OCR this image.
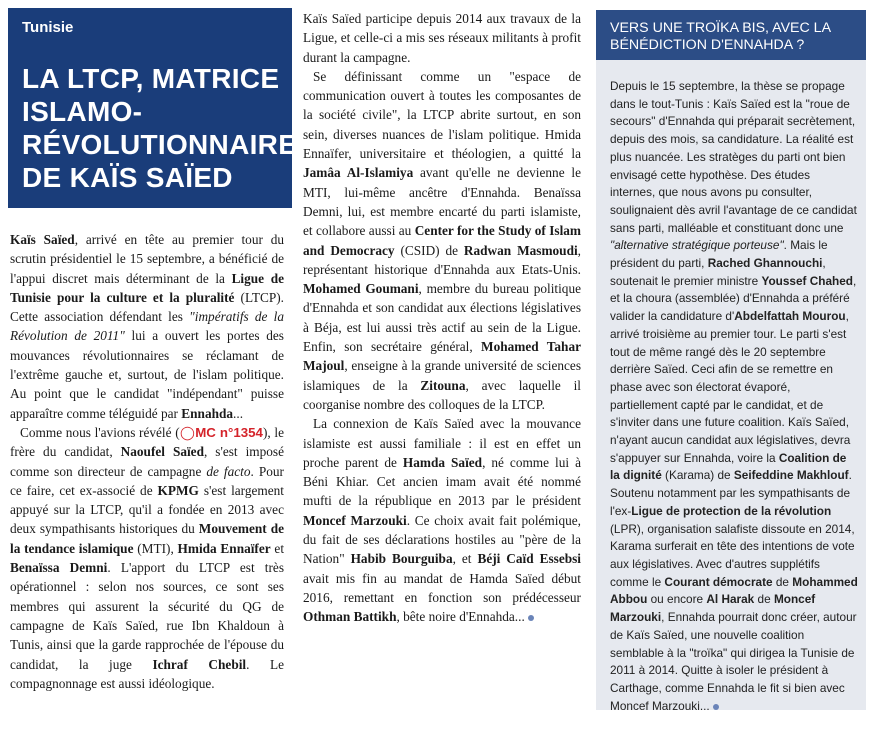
Tunisie
LA LTCP, MATRICE ISLAMO-RÉVOLUTIONNAIRE DE KAÏS SAÏED

Kaïs Saïed, arrivé en tête au premier tour du scrutin présidentiel le 15 septembre, a bénéficié de l'appui discret mais déterminant de la Ligue de Tunisie pour la culture et la pluralité (LTCP). Cette association défendant les "impératifs de la Révolution de 2011" lui a ouvert les portes des mouvances révolutionnaires se réclamant de l'extrême gauche et, surtout, de l'islam politique. Au point que le candidat "indépendant" puisse apparaître comme téléguidé par Ennahda...

Comme nous l'avions révélé (◯MC n°1354), le frère du candidat, Naoufel Saïed, s'est imposé comme son directeur de campagne de facto. Pour ce faire, cet ex-associé de KPMG s'est largement appuyé sur la LTCP, qu'il a fondée en 2013 avec deux sympathisants historiques du Mouvement de la tendance islamique (MTI), Hmida Ennaïfer et Benaïssa Demni. L'apport du LTCP est très opérationnel : selon nos sources, ce sont ses membres qui assurent la sécurité du QG de campagne de Kaïs Saïed, rue Ibn Khaldoun à Tunis, ainsi que la garde rapprochée de l'épouse du candidat, la juge Ichraf Chebil. Le compagnonnage est aussi idéologique.

Kaïs Saïed participe depuis 2014 aux travaux de la Ligue, et celle-ci a mis ses réseaux militants à profit durant la campagne.

Se définissant comme un "espace de communication ouvert à toutes les composantes de la société civile", la LTCP abrite surtout, en son sein, diverses nuances de l'islam politique. Hmida Ennaïfer, universitaire et théologien, a quitté la Jamâa Al-Islamiya avant qu'elle ne devienne le MTI, lui-même ancêtre d'Ennahda. Benaïssa Demni, lui, est membre encarté du parti islamiste, et collabore aussi au Center for the Study of Islam and Democracy (CSID) de Radwan Masmoudi, représentant historique d'Ennahda aux Etats-Unis. Mohamed Goumani, membre du bureau politique d'Ennahda et son candidat aux élections législatives à Béja, est lui aussi très actif au sein de la Ligue. Enfin, son secrétaire général, Mohamed Tahar Majoul, enseigne à la grande université de sciences islamiques de la Zitouna, avec laquelle il coorganise nombre des colloques de la LTCP.

La connexion de Kaïs Saïed avec la mouvance islamiste est aussi familiale : il est en effet un proche parent de Hamda Saïed, né comme lui à Béni Khiar. Cet ancien imam avait été nommé mufti de la république en 2013 par le président Moncef Marzouki. Ce choix avait fait polémique, du fait de ses déclarations hostiles au "père de la Nation" Habib Bourguiba, et Béji Caïd Essebsi avait mis fin au mandat de Hamda Saïed début 2016, remettant en fonction son prédécesseur Othman Battikh, bête noire d'Ennahda...

VERS UNE TROÏKA BIS, AVEC LA BÉNÉDICTION D'ENNAHDA ?

Depuis le 15 septembre, la thèse se propage dans le tout-Tunis : Kaïs Saïed est la "roue de secours" d'Ennahda qui préparait secrètement, depuis des mois, sa candidature. La réalité est plus nuancée. Les stratèges du parti ont bien envisagé cette hypothèse. Des études internes, que nous avons pu consulter, soulignaient dès avril l'avantage de ce candidat sans parti, malléable et constituant donc une "alternative stratégique porteuse". Mais le président du parti, Rached Ghannouchi, soutenait le premier ministre Youssef Chahed, et la choura (assemblée) d'Ennahda a préféré valider la candidature d'Abdelfattah Mourou, arrivé troisième au premier tour. Le parti s'est tout de même rangé dès le 20 septembre derrière Saïed. Ceci afin de se remettre en phase avec son électorat évaporé, partiellement capté par le candidat, et de s'inviter dans une future coalition. Kaïs Saïed, n'ayant aucun candidat aux législatives, devra s'appuyer sur Ennahda, voire la Coalition de la dignité (Karama) de Seifeddine Makhlouf. Soutenu notamment par les sympathisants de l'ex-Ligue de protection de la révolution (LPR), organisation salafiste dissoute en 2014, Karama surferait en tête des intentions de vote aux législatives. Avec d'autres supplétifs comme le Courant démocrate de Mohammed Abbou ou encore Al Harak de Moncef Marzouki, Ennahda pourrait donc créer, autour de Kaïs Saïed, une nouvelle coalition semblable à la "troïka" qui dirigea la Tunisie de 2011 à 2014. Quitte à isoler le président à Carthage, comme Ennahda le fit si bien avec Moncef Marzouki...
